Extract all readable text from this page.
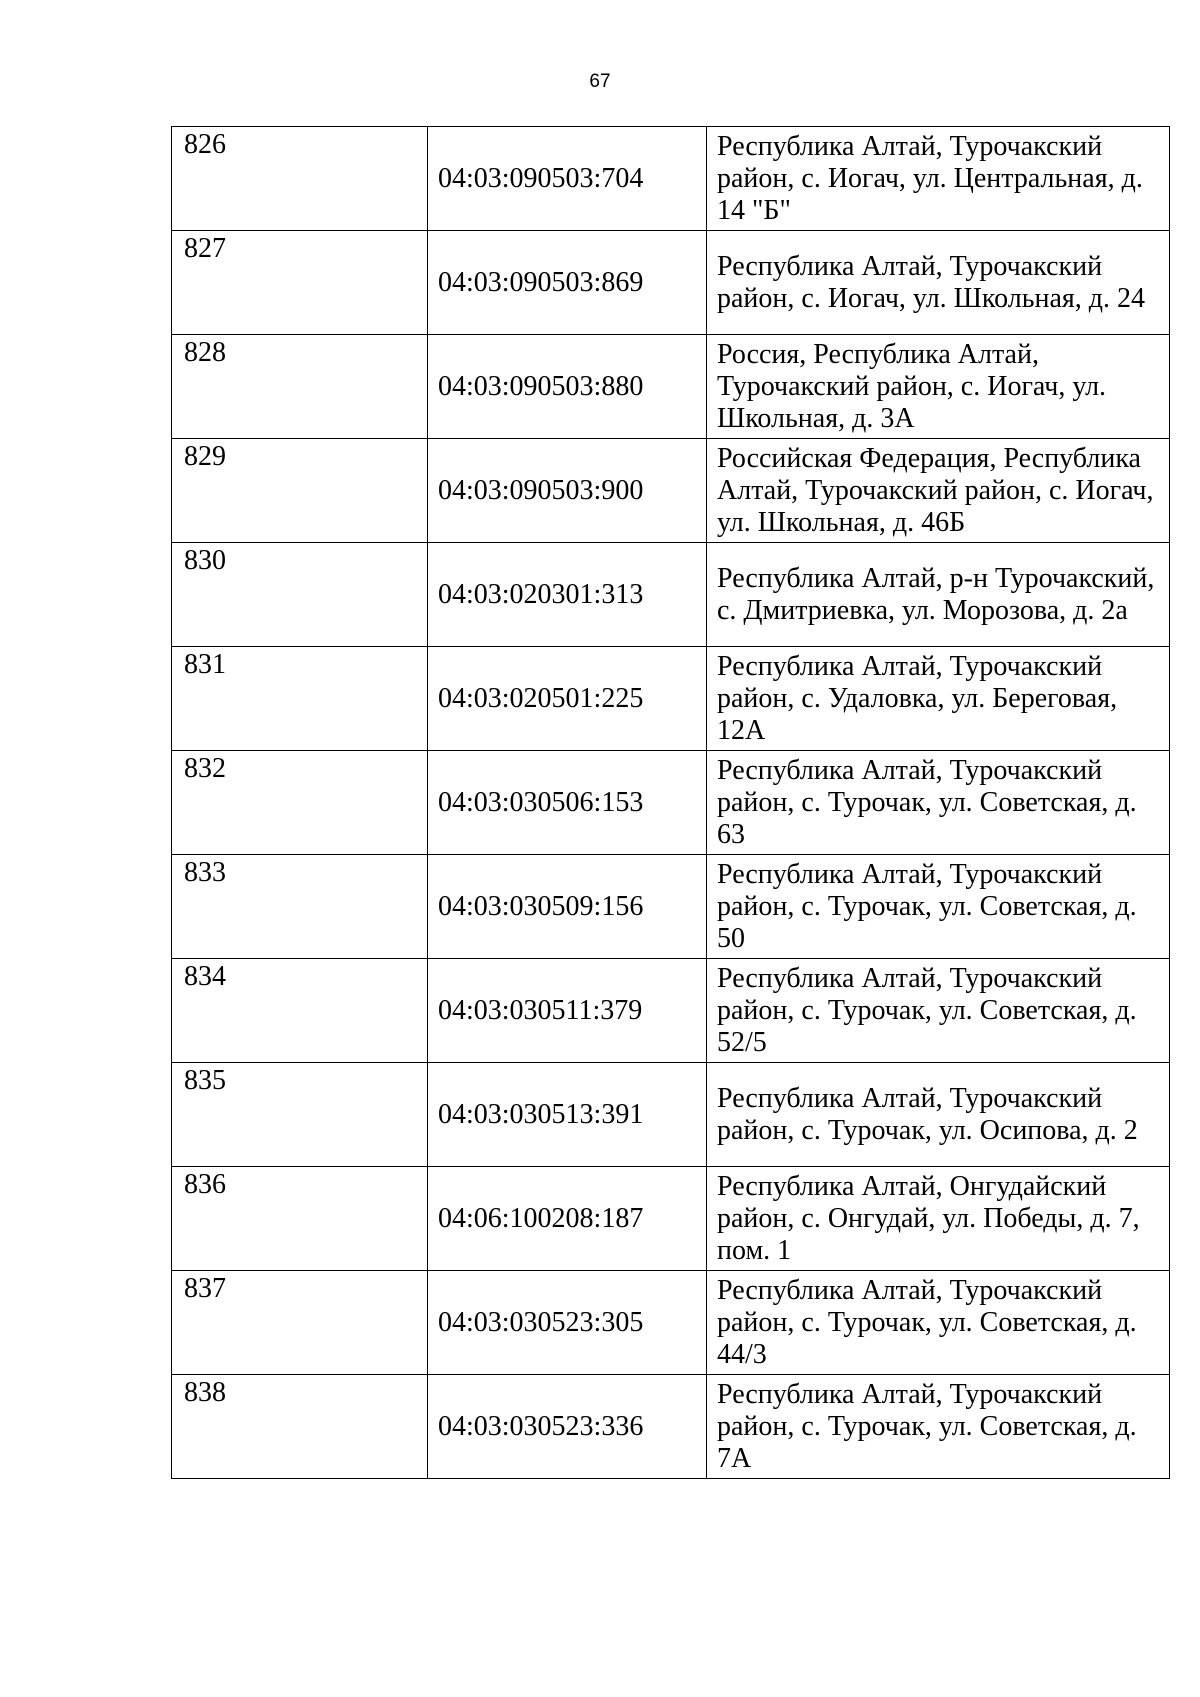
67
826	04:03:090503:704	Республика Алтай, Турочакский район, с. Иогач, ул. Центральная, д. 14 "Б"
827	04:03:090503:869	Республика Алтай, Турочакский район, с. Иогач, ул. Школьная, д. 24
828	04:03:090503:880	Россия, Республика Алтай, Турочакский район, с. Иогач, ул. Школьная, д. 3А
829	04:03:090503:900	Российская Федерация, Республика Алтай, Турочакский район, с. Иогач, ул. Школьная, д. 46Б
830	04:03:020301:313	Республика Алтай, р-н Турочакский, с. Дмитриевка, ул. Морозова, д. 2а
831	04:03:020501:225	Республика Алтай, Турочакский район, с. Удаловка, ул. Береговая, 12А
832	04:03:030506:153	Республика Алтай, Турочакский район, с. Турочак, ул. Советская, д. 63
833	04:03:030509:156	Республика Алтай, Турочакский район, с. Турочак, ул. Советская, д. 50
834	04:03:030511:379	Республика Алтай, Турочакский район, с. Турочак, ул. Советская, д. 52/5
835	04:03:030513:391	Республика Алтай, Турочакский район, с. Турочак, ул. Осипова, д. 2
836	04:06:100208:187	Республика Алтай, Онгудайский район, с. Онгудай, ул. Победы, д. 7, пом. 1
837	04:03:030523:305	Республика Алтай, Турочакский район, с. Турочак, ул. Советская, д. 44/3
838	04:03:030523:336	Республика Алтай, Турочакский район, с. Турочак, ул. Советская, д. 7А
